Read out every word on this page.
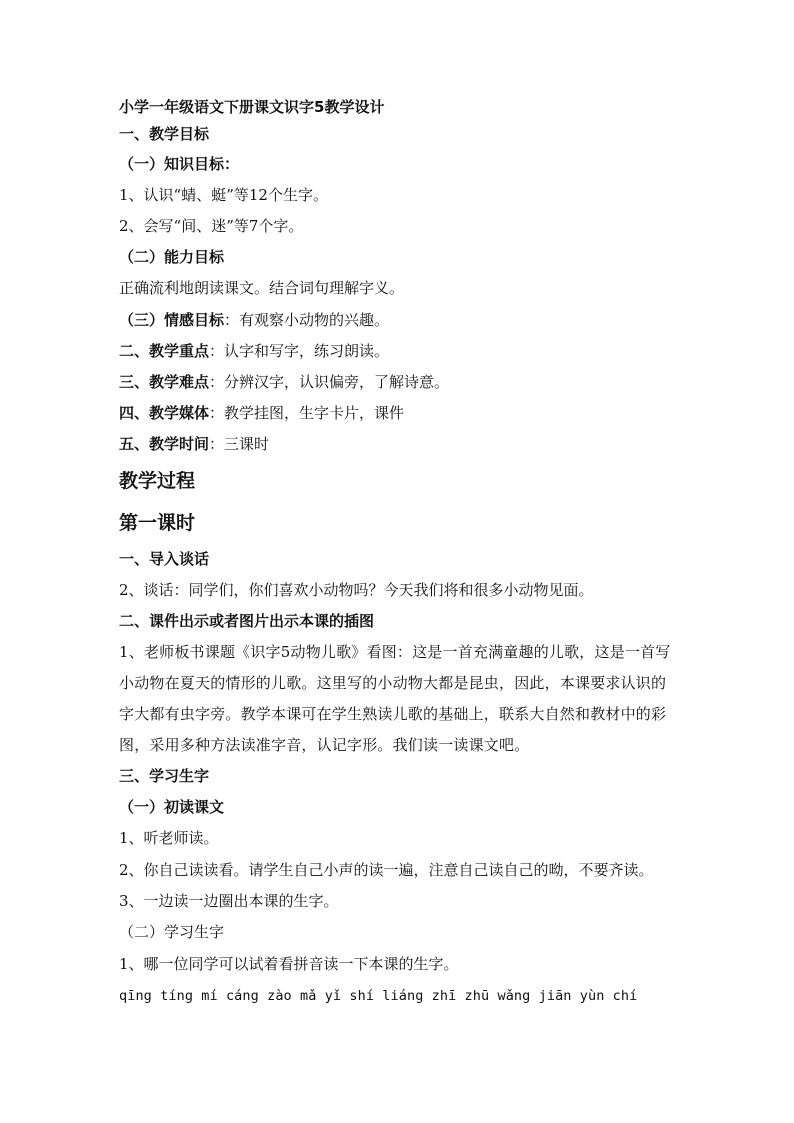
小学一年级语文下册课文识字5教学设计
一、教学目标
（一）知识目标：
1、认识“蜻、蜓”等12个生字。
2、会写“间、迷”等7个字。
（二）能力目标
正确流利地朗读课文。结合词句理解字义。
（三）情感目标：有观察小动物的兴趣。
二、教学重点：认字和写字，练习朗读。
三、教学难点：分辨汉字，认识偏旁，了解诗意。
四、教学媒体：教学挂图，生字卡片，课件
五、教学时间：三课时
教学过程
第一课时
一、导入谈话
2、谈话：同学们，你们喜欢小动物吗？今天我们将和很多小动物见面。
二、课件出示或者图片出示本课的插图
1、老师板书课题《识字5动物儿歌》看图：这是一首充满童趣的儿歌，这是一首写小动物在夏天的情形的儿歌。这里写的小动物大都是昆虫，因此，本课要求认识的字大都有虫字旁。教学本课可在学生熟读儿歌的基础上，联系大自然和教材中的彩图，采用多种方法读准字音，认记字形。我们读一读课文吧。
三、学习生字
（一）初读课文
1、听老师读。
2、你自己读读看。请学生自己小声的读一遍，注意自己读自己的呦，不要齐读。
3、一边读一边圈出本课的生字。
（二）学习生字
1、哪一位同学可以试着看拼音读一下本课的生字。
qīng tíng mí cáng zào mǎ yǐ shí liáng zhī zhū wǎng jiān yùn chí
